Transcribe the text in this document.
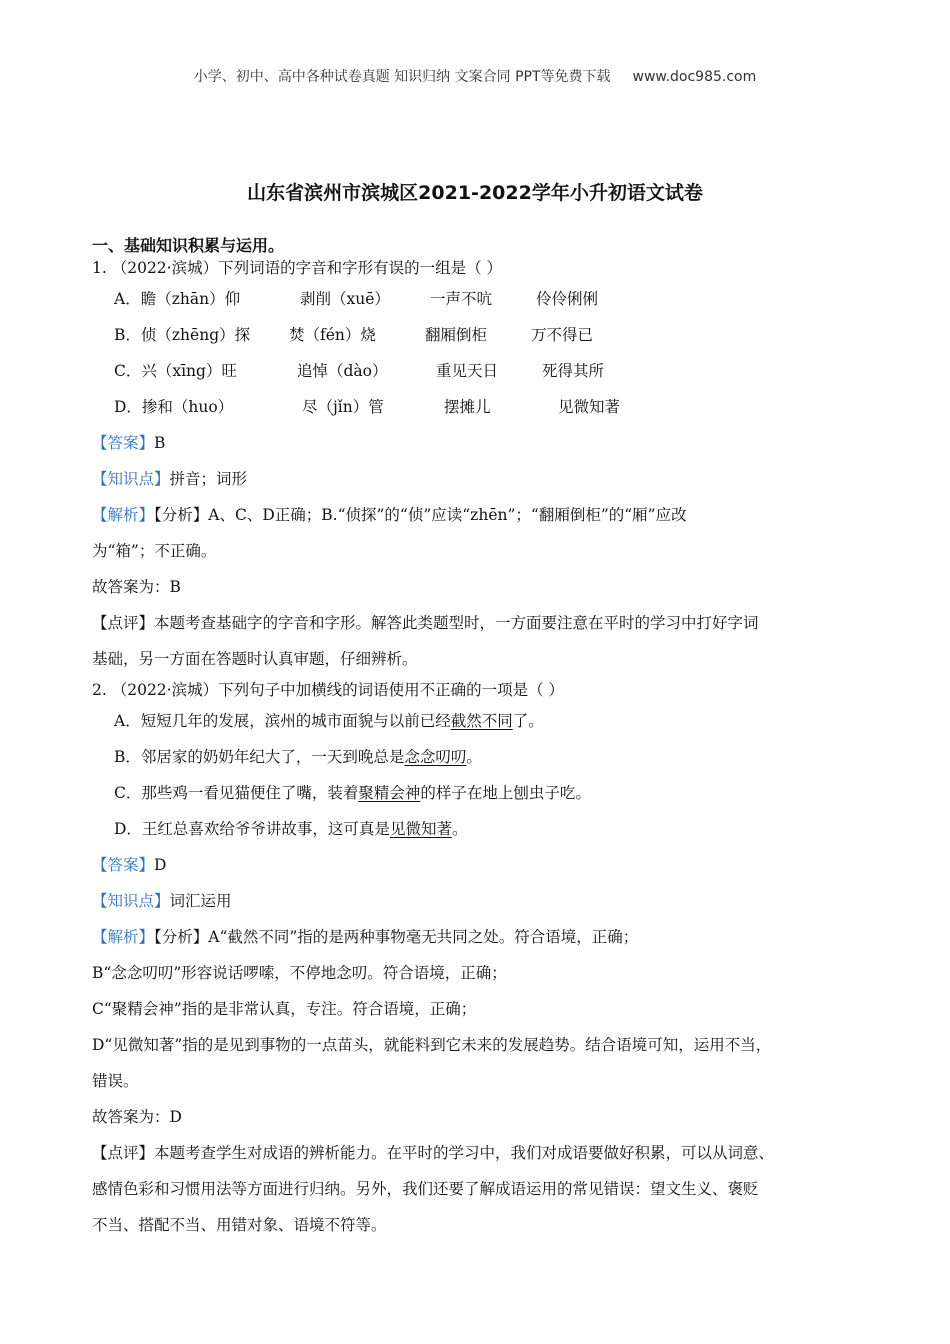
小学、初中、高中各种试卷真题 知识归纳 文案合同 PPT等免费下载 www.doc985.com
山东省滨州市滨城区2021-2022学年小升初语文试卷
一、基础知识积累与运用。
1. （2022·滨城）下列词语的字音和字形有误的一组是（ ）
A．瞻（zhān）仰	剥削（xuē）	一声不吭	伶伶俐俐
B．侦（zhēng）探	焚（fén）烧	翻厢倒柜	万不得已
C．兴（xīng）旺	追悼（dào）	重见天日	死得其所
D．掺和（huo）	尽（jǐn）管	摆摊儿	见微知著
【答案】B
【知识点】拼音；词形
【解析】【分析】A、C、D正确；B.“侦探”的“侦”应读“zhēn”；“翻厢倒柜”的“厢”应改
为“箱”；不正确。
故答案为：B
【点评】本题考查基础字的字音和字形。解答此类题型时，一方面要注意在平时的学习中打好字词
基础，另一方面在答题时认真审题，仔细辨析。
2. （2022·滨城）下列句子中加横线的词语使用不正确的一项是（ ）
A．短短几年的发展，滨州的城市面貌与以前已经截然不同了。
B．邻居家的奶奶年纪大了，一天到晚总是念念叨叨。
C．那些鸡一看见猫便住了嘴，装着聚精会神的样子在地上刨虫子吃。
D．王红总喜欢给爷爷讲故事，这可真是见微知著。
【答案】D
【知识点】词汇运用
【解析】【分析】A“截然不同”指的是两种事物毫无共同之处。符合语境，正确；
B“念念叨叨”形容说话啰嗦，不停地念叨。符合语境，正确；
C“聚精会神”指的是非常认真，专注。符合语境，正确；
D“见微知著”指的是见到事物的一点苗头，就能料到它未来的发展趋势。结合语境可知，运用不当，
错误。
故答案为：D
【点评】本题考查学生对成语的辨析能力。在平时的学习中，我们对成语要做好积累，可以从词意、
感情色彩和习惯用法等方面进行归纳。另外，我们还要了解成语运用的常见错误：望文生义、褒贬
不当、搭配不当、用错对象、语境不符等。
